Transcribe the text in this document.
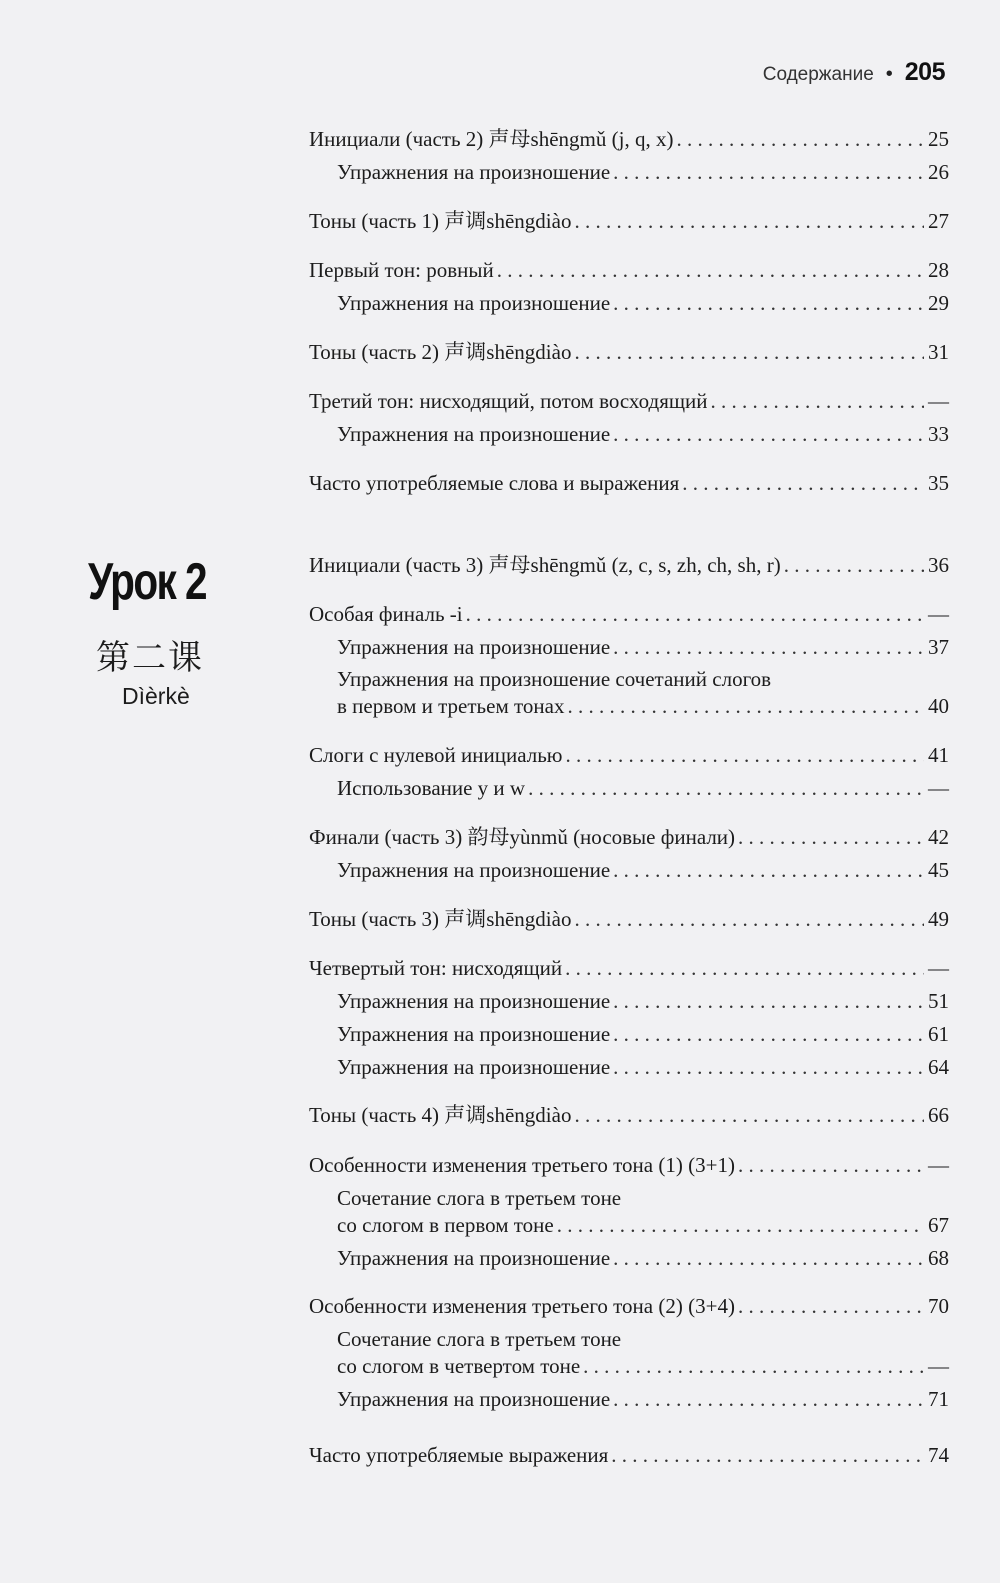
Содержание • 205
Урок 2
第二课
Dìèrkè
Инициали (часть 2) 声母shēngmǔ (j, q, x) . . .	25
Упражнения на произношение . . .	26
Тоны (часть 1) 声调shēngdiào . . .	27
Первый тон: ровный . . .	28
Упражнения на произношение . . .	29
Тоны (часть 2) 声调shēngdiào . . .	31
Третий тон: нисходящий, потом восходящий . . .	—
Упражнения на произношение . . .	33
Часто употребляемые слова и выражения . . .	35
Инициали (часть 3) 声母shēngmǔ (z, c, s, zh, ch, sh, r) . . .	36
Особая финаль -i . . .	—
Упражнения на произношение . . .	37
Упражнения на произношение сочетаний слогов
в первом и третьем тонах . . .	40
Слоги с нулевой инициалью . . .	41
Использование y и w . . .	—
Финали (часть 3) 韵母yùnmǔ (носовые финали) . . .	42
Упражнения на произношение . . .	45
Тоны (часть 3) 声调shēngdiào . . .	49
Четвертый тон: нисходящий . . .	—
Упражнения на произношение . . .	51
Упражнения на произношение . . .	61
Упражнения на произношение . . .	64
Тоны (часть 4) 声调shēngdiào . . .	66
Особенности изменения третьего тона (1) (3+1) . . .	—
Сочетание слога в третьем тоне
со слогом в первом тоне . . .	67
Упражнения на произношение . . .	68
Особенности изменения третьего тона (2) (3+4) . . .	70
Сочетание слога в третьем тоне
со слогом в четвертом тоне . . .	—
Упражнения на произношение . . .	71
Часто употребляемые выражения . . .	74
